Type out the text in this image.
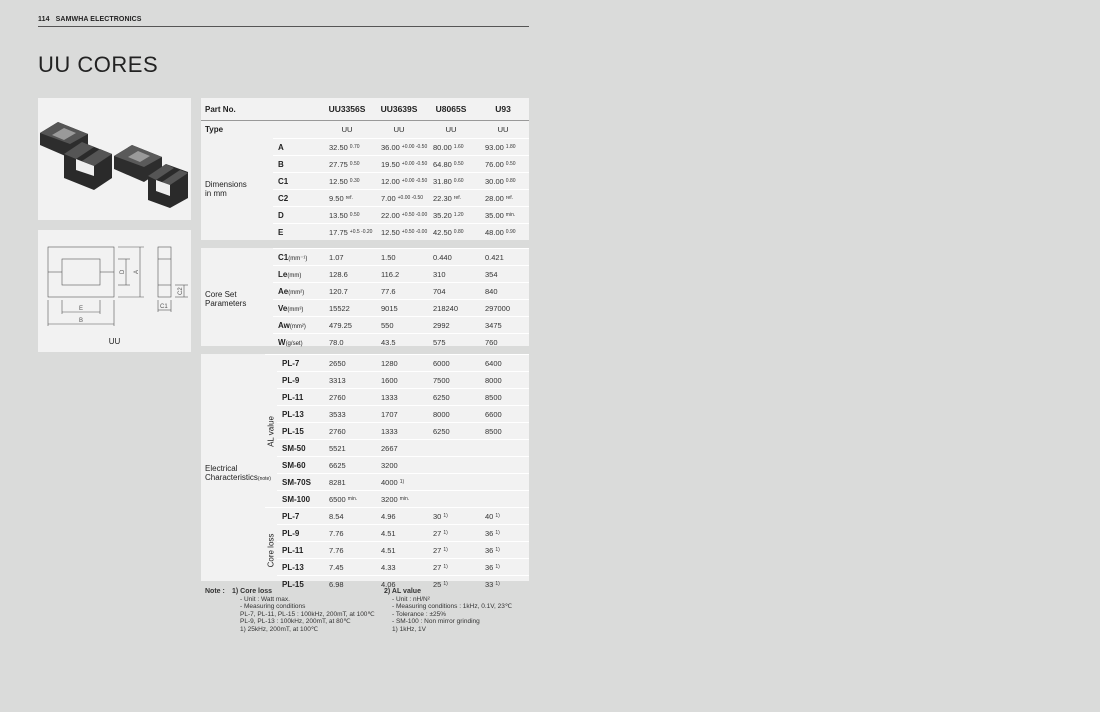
114 SAMWHA ELECTRONICS
UU CORES
D A
E
B
C1
C2
UU
Part No.		UU3356S	UU3639S	U8065S	U93
Type		UU	UU	UU	UU

Dimensions
in mm	A	32.50 0.70	36.00 +0.00 -0.50	80.00 1.60	93.00 1.80
	B	27.75 0.50	19.50 +0.00 -0.50	64.80 0.50	76.00 0.50
	C1	12.50 0.30	12.00 +0.00 -0.50	31.80 0.60	30.00 0.80
	C2	9.50 ref.	7.00 +0.00 -0.50	22.30 ref.	28.00 ref.
	D	13.50 0.50	22.00 +0.50 -0.00	35.20 1.20	35.00 min.
	E	17.75 +0.5 -0.20	12.50 +0.50 -0.00	42.50 0.80	48.00 0.90
Core Set
Parameters	C1(mm⁻¹)	1.07	1.50	0.440	0.421
	Le(mm)	128.6	116.2	310	354
	Ae(mm²)	120.7	77.6	704	840
	Ve(mm³)	15522	9015	218240	297000
	Aw(mm²)	479.25	550	2992	3475
	W(g/set)	78.0	43.5	575	760
Electrical
Characteristics(note)	AL value	PL-7	2650	1280	6000	6400
		PL-9	3313	1600	7500	8000
		PL-11	2760	1333	6250	8500
		PL-13	3533	1707	8000	6600
		PL-15	2760	1333	6250	8500
		SM-50	5521	2667		
		SM-60	6625	3200		
		SM-70S	8281	4000 1)		
		SM-100	6500 min.	3200 min.		

Core loss	PL-7	8.54	4.96	30 1)	40 1)
		PL-9	7.76	4.51	27 1)	36 1)
		PL-11	7.76	4.51	27 1)	36 1)
		PL-13	7.45	4.33	27 1)	36 1)
		PL-15	6.98	4.06	25 1)	33 1)
Note : 1) Core loss
- Unit : Watt max.
- Measuring conditions
PL-7, PL-11, PL-15 : 100kHz, 200mT, at 100℃
PL-9, PL-13 : 100kHz, 200mT, at 80℃
1) 25kHz, 200mT, at 100℃
2) AL value
- Unit : nH/N²
- Measuring conditions : 1kHz, 0.1V, 23℃
- Tolerance : ±25%
- SM-100 : Non mirror grinding
1) 1kHz, 1V
